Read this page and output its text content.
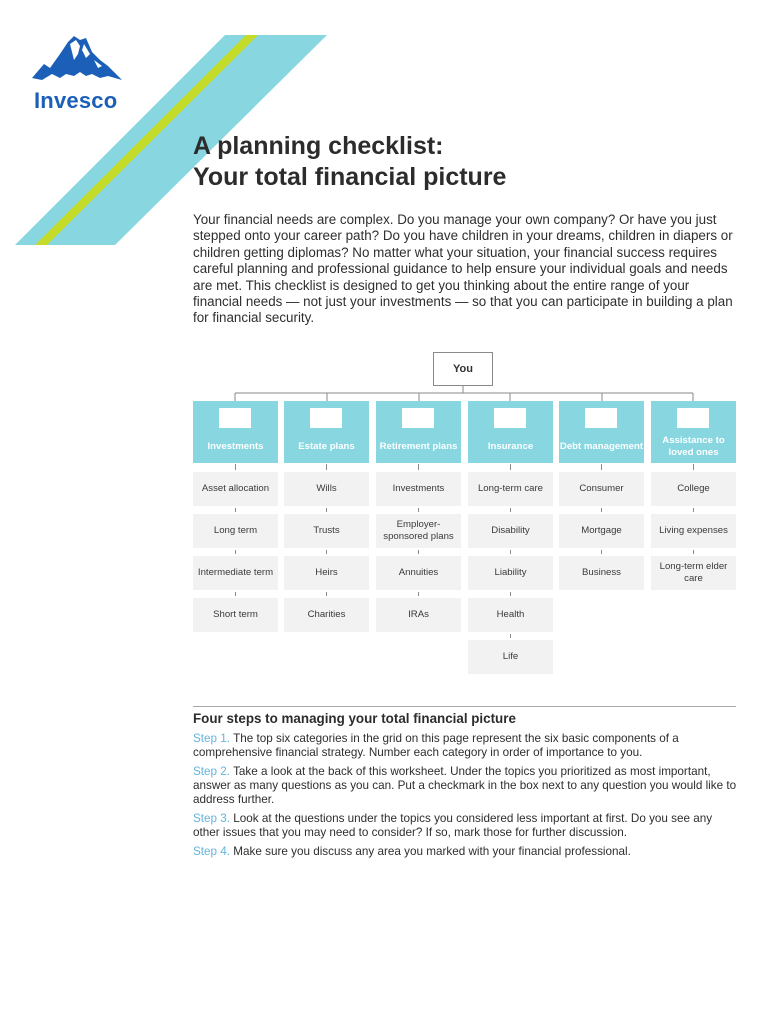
Invesco
A planning checklist:
Your total financial picture

Your financial needs are complex. Do you manage your own company? Or have you just stepped onto your career path? Do you have children in your dreams, children in diapers or children getting diplomas? No matter what your situation, your financial success requires careful planning and professional guidance to help ensure your individual goals and needs are met. This checklist is designed to get you thinking about the entire range of your financial needs — not just your investments — so that you can participate in building a plan for financial security.

You
Investments
Asset allocation
Long term
Intermediate term
Short term
Estate plans
Wills
Trusts
Heirs
Charities
Retirement plans
Investments
Employer-sponsored plans
Annuities
IRAs
Insurance
Long-term care
Disability
Liability
Health
Life
Debt management
Consumer
Mortgage
Business
Assistance to loved ones
College
Living expenses
Long-term elder care
Four steps to managing your total financial picture

Step 1. The top six categories in the grid on this page represent the six basic components of a comprehensive financial strategy. Number each category in order of importance to you.

Step 2. Take a look at the back of this worksheet. Under the topics you prioritized as most important, answer as many questions as you can. Put a checkmark in the box next to any question you would like to address further.

Step 3. Look at the questions under the topics you considered less important at first. Do you see any other issues that you may need to consider? If so, mark those for further discussion.

Step 4. Make sure you discuss any area you marked with your financial professional.
